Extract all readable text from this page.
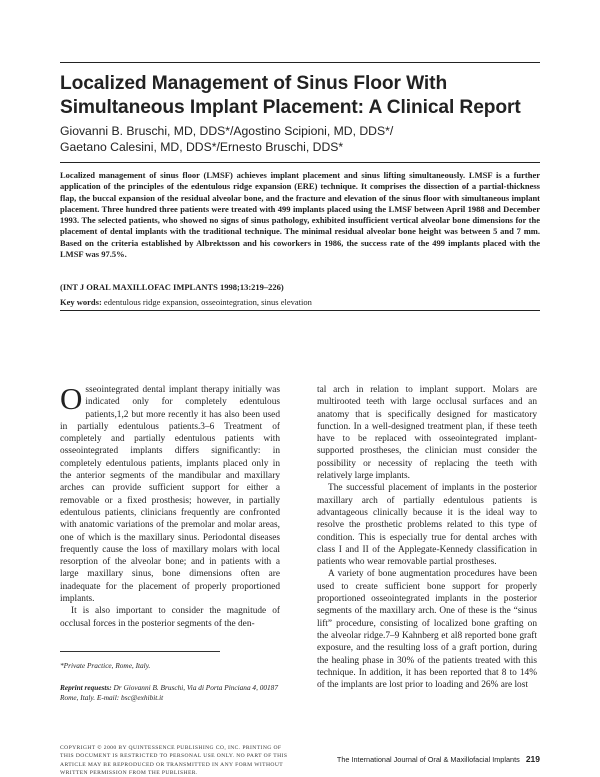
Localized Management of Sinus Floor With
Simultaneous Implant Placement: A Clinical Report
Giovanni B. Bruschi, MD, DDS*/Agostino Scipioni, MD, DDS*/
Gaetano Calesini, MD, DDS*/Ernesto Bruschi, DDS*
Localized management of sinus floor (LMSF) achieves implant placement and sinus lifting simultaneously. LMSF is a further application of the principles of the edentulous ridge expansion (ERE) technique. It comprises the dissection of a partial-thickness flap, the buccal expansion of the residual alveolar bone, and the fracture and elevation of the sinus floor with simultaneous implant placement. Three hundred three patients were treated with 499 implants placed using the LMSF between April 1988 and December 1993. The selected patients, who showed no signs of sinus pathology, exhibited insufficient vertical alveolar bone dimensions for the placement of dental implants with the traditional technique. The minimal residual alveolar bone height was between 5 and 7 mm. Based on the criteria established by Albrektsson and his coworkers in 1986, the success rate of the 499 implants placed with the LMSF was 97.5%.
(INT J ORAL MAXILLOFAC IMPLANTS 1998;13:219–226)
Key words: edentulous ridge expansion, osseointegration, sinus elevation

Osseointegrated dental implant therapy initially was indicated only for completely edentulous patients,1,2 but more recently it has also been used in partially edentulous patients.3–6 Treatment of completely and partially edentulous patients with osseointegrated implants differs significantly: in completely edentulous patients, implants placed only in the anterior segments of the mandibular and maxillary arches can provide sufficient support for either a removable or a fixed prosthesis; however, in partially edentulous patients, clinicians frequently are confronted with anatomic variations of the premolar and molar areas, one of which is the maxillary sinus. Periodontal diseases frequently cause the loss of maxillary molars with local resorption of the alveolar bone; and in patients with a large maxillary sinus, bone dimensions often are inadequate for the placement of properly proportioned implants.

It is also important to consider the magnitude of occlusal forces in the posterior segments of the den-

tal arch in relation to implant support. Molars are multirooted teeth with large occlusal surfaces and an anatomy that is specifically designed for masticatory function. In a well-designed treatment plan, if these teeth have to be replaced with osseointegrated implant-supported prostheses, the clinician must consider the possibility or necessity of replacing the teeth with relatively large implants.

The successful placement of implants in the posterior maxillary arch of partially edentulous patients is advantageous clinically because it is the ideal way to resolve the prosthetic problems related to this type of condition. This is especially true for dental arches with class I and II of the Applegate-Kennedy classification in patients who wear removable partial prostheses.

A variety of bone augmentation procedures have been used to create sufficient bone support for properly proportioned osseointegrated implants in the posterior segments of the maxillary arch. One of these is the “sinus lift” procedure, consisting of localized bone grafting on the alveolar ridge.7–9 Kahnberg et al8 reported bone graft exposure, and the resulting loss of a graft portion, during the healing phase in 30% of the patients treated with this technique. In addition, it has been reported that 8 to 14% of the implants are lost prior to loading and 26% are lost

*Private Practice, Rome, Italy.
Reprint requests: Dr Giovanni B. Bruschi, Via di Porta Pinciana 4, 00187 Rome, Italy. E-mail: bsc@exhibit.it
COPYRIGHT © 2000 BY QUINTESSENCE PUBLISHING CO, INC. PRINTING OF THIS DOCUMENT IS RESTRICTED TO PERSONAL USE ONLY. NO PART OF THIS ARTICLE MAY BE REPRODUCED OR TRANSMITTED IN ANY FORM WITHOUT WRITTEN PERMISSION FROM THE PUBLISHER.
The International Journal of Oral & Maxillofacial Implants 219
